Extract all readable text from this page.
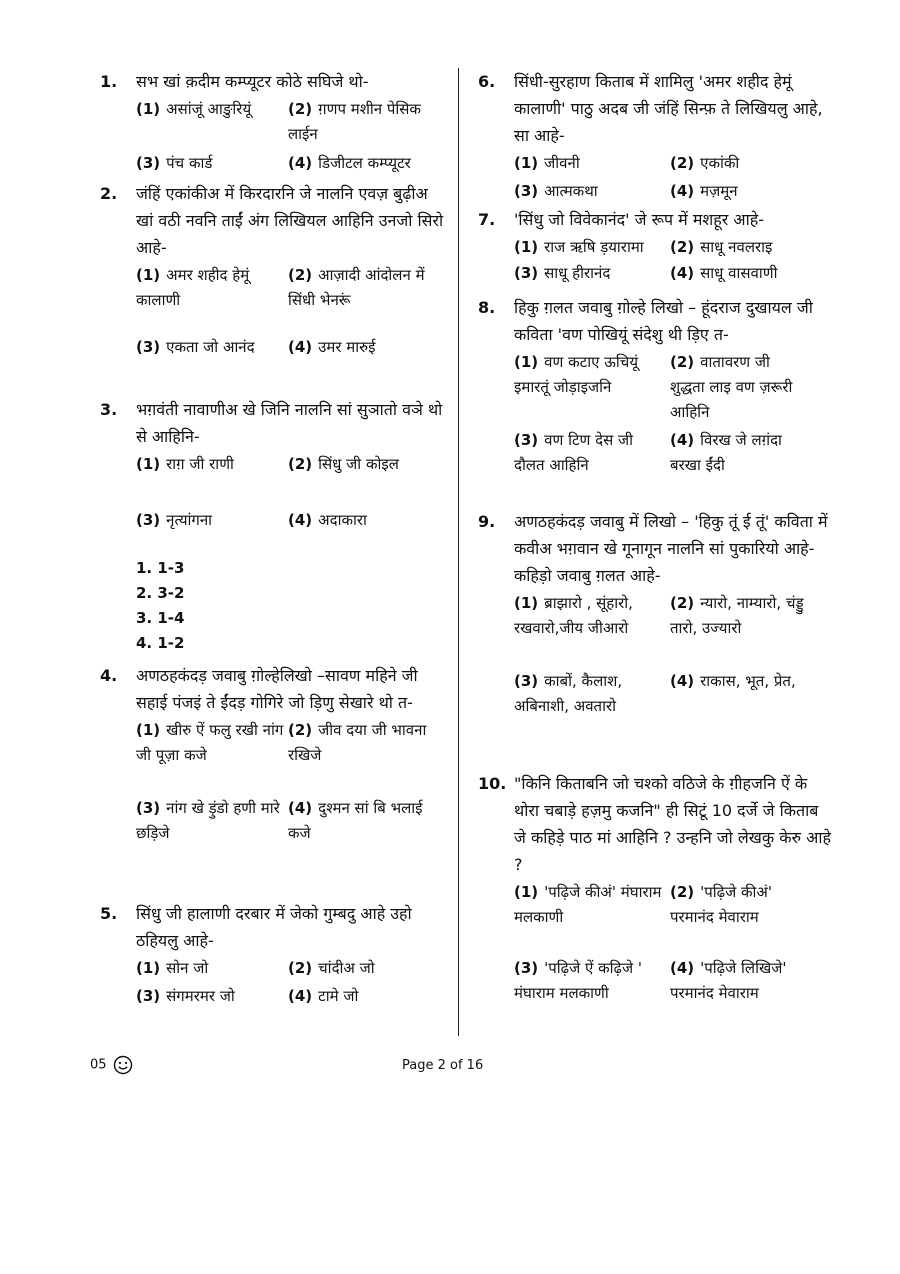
1. सभ खां क़दीम कम्प्यूटर कोठे सघिजे थो-
(1) असांजूं आङुरियूं	(2) ग़णप मशीन पेसिक लाईन
(3) पंच कार्ड	(4) डिजीटल कम्प्यूटर
2. जंहिं एकांकीअ में किरदारनि जे नालनि एवज़ बुढ़ीअ खां वठी नवनि ताईं अंग लिखियल आहिनि उनजो सिरो आहे-
(1) अमर शहीद हेमूं कालाणी
(2) आज़ादी आंदोलन में सिंधी भेनरूं
(3) एकता जो आनंद	(4) उमर मारुई
3. भग़वंती नावाणीअ खे जिनि नालनि सां सुञातो वञे थो से आहिनि-
(1) राग़ जी राणी	(2) सिंधु जी कोइल
(3) नृत्यांगना	(4) अदाकारा
1. 1-3
2. 3-2
3. 1-4
4. 1-2
4. अणठहकंदड़ जवाबु ग़ोल्हेलिखो –सावण महिने जी सहाई पंजइं ते ईंदड़ गोगिरे जो ड़िणु सेखारे थो त-
(1) खीरु ऐं फलु रखी नांग जी पूज़ा कजे
(2) जीव दया जी भावना रखिजे
(3) नांग खे ड़ुंडो हणी मारे छड़िजे
(4) दुश्मन सां बि भलाई कजे
5. सिंधु जी हालाणी दरबार में जेको गुम्बदु आहे उहो ठहियलु आहे-
(1) सोन जो	(2) चांदीअ जो
(3) संगमरमर जो	(4) टामे जो
6. सिंधी-सुरहाण किताब में शामिलु 'अमर शहीद हेमूं कालाणी' पाठु अदब जी जंहिं सिन्फ़ ते लिखियलु आहे, सा आहे-
(1) जीवनी	(2) एकांकी
(3) आत्मकथा	(4) मज़मून
7. 'सिंधु जो विवेकानंद' जे रूप में मशहूर आहे-
(1) राज ऋषि ड़यारामा	(2) साधू नवलराइ
(3) साधू हीरानंद	(4) साधू वासवाणी
8. हिकु ग़लत जवाबु ग़ोल्हे लिखो – हूंदराज दुखायल जी कविता 'वण पोखियूं संदेशु थी ड़िए त-
(1) वण कटाए ऊचियूं इमारतूं जोड़ाइजनि
(2) वातावरण जी शुद्धता लाइ वण ज़रूरी आहिनि
(3) वण टिण देस जी दौलत आहिनि
(4) विरख जे लग़ंदा बरखा ईंदी
9. अणठहकंदड़ जवाबु में लिखो – 'हिकु तूं ई तूं' कविता में कवीअ भग़वान खे गूनागून नालनि सां पुकारियो आहे- कहिड़ो जवाबु ग़लत आहे-
(1) ब्राझारो , सूंहारो, रखवारो,जीय जीआरो
(2) न्यारो, नाम्यारो, चंड्डु तारो, उज्यारो
(3) काबों, कैलाश, अबिनाशी, अवतारो
(4) राकास, भूत, प्रेत,
10. "किनि किताबनि जो चश्को वठिजे के ग़ीहजनि ऐं के थोरा चबाड़े हज़मु कजनि" ही सिटूं 10 दर्जे जे किताब जे कहिड़े पाठ मां आहिनि ? उन्हनि जो लेखकु केरु आहे ?
(1) 'पढ़िजे कीअं' मंघाराम मलकाणी
(2) 'पढ़िजे कीअं' परमानंद मेवाराम
(3) 'पढ़िजे ऐं कढ़िजे ' मंघाराम मलकाणी
(4) 'पढ़िजे लिखिजे' परमानंद मेवाराम
05	Page 2 of 16
